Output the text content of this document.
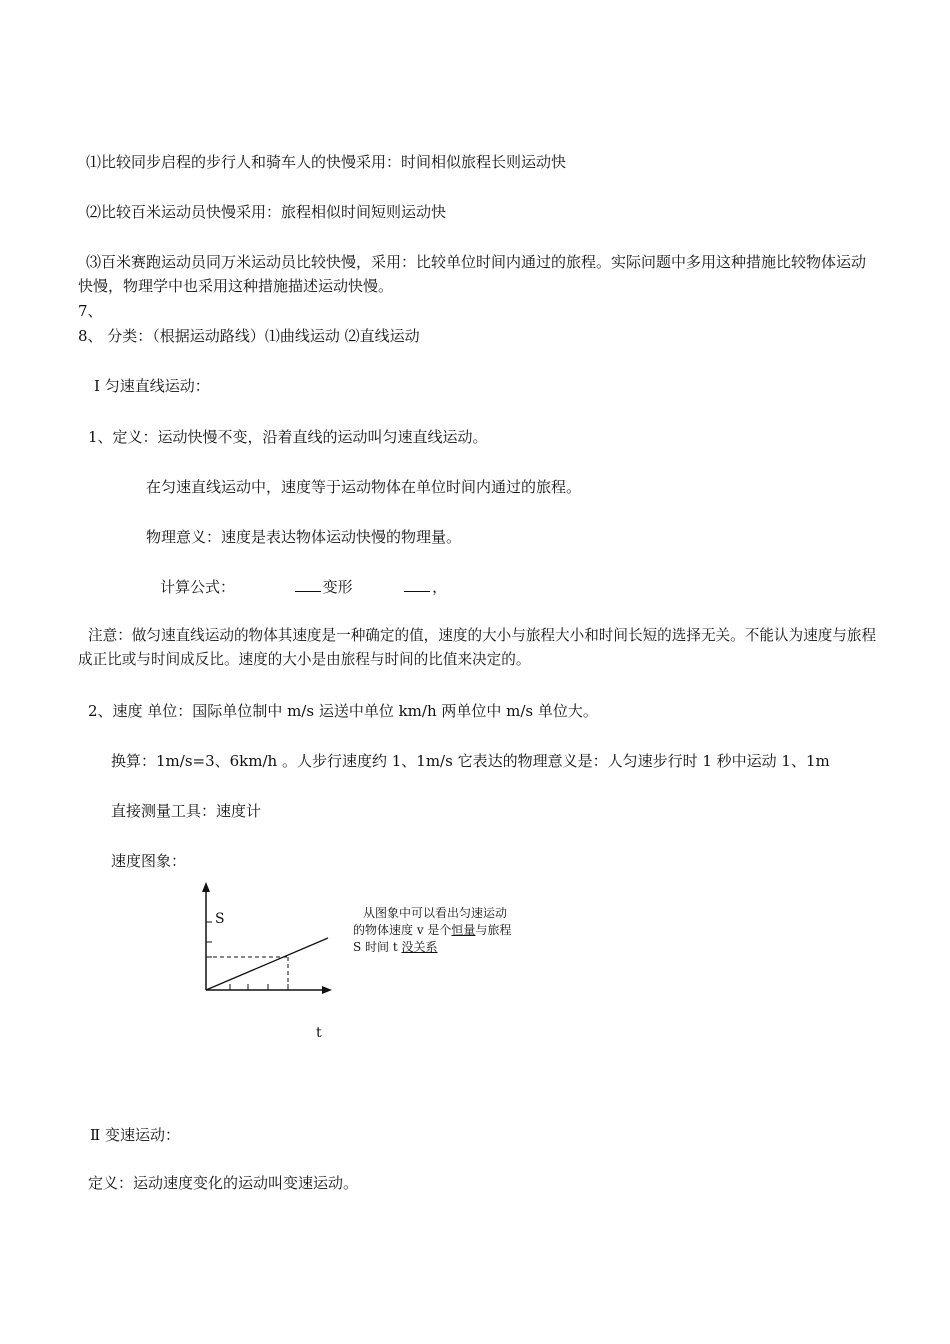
⑴比较同步启程的步行人和骑车人的快慢采用：时间相似旅程长则运动快
⑵比较百米运动员快慢采用：旅程相似时间短则运动快
⑶百米赛跑运动员同万米运动员比较快慢，采用：比较单位时间内通过的旅程。实际问题中多用这种措施比较物体运动快慢，物理学中也采用这种措施描述运动快慢。
7、
8、 分类：（根据运动路线）⑴曲线运动 ⑵直线运动
Ⅰ 匀速直线运动：
1、定义：运动快慢不变，沿着直线的运动叫匀速直线运动。
在匀速直线运动中，速度等于运动物体在单位时间内通过的旅程。
物理意义：速度是表达物体运动快慢的物理量。
计算公式：	变形	，
注意：做匀速直线运动的物体其速度是一种确定的值，速度的大小与旅程大小和时间长短的选择无关。不能认为速度与旅程成正比或与时间成反比。速度的大小是由旅程与时间的比值来决定的。
2、速度 单位：国际单位制中 m/s 运送中单位 km/h 两单位中 m/s 单位大。
换算：1m/s=3、6km/h 。人步行速度约 1、1m/s 它表达的物理意义是：人匀速步行时 1 秒中运动 1、1m
直接测量工具：速度计
速度图象：
S
t
从图象中可以看出匀速运动的物体速度 v 是个恒量与旅程 S 时间 t 没关系
Ⅱ 变速运动：
定义：运动速度变化的运动叫变速运动。
